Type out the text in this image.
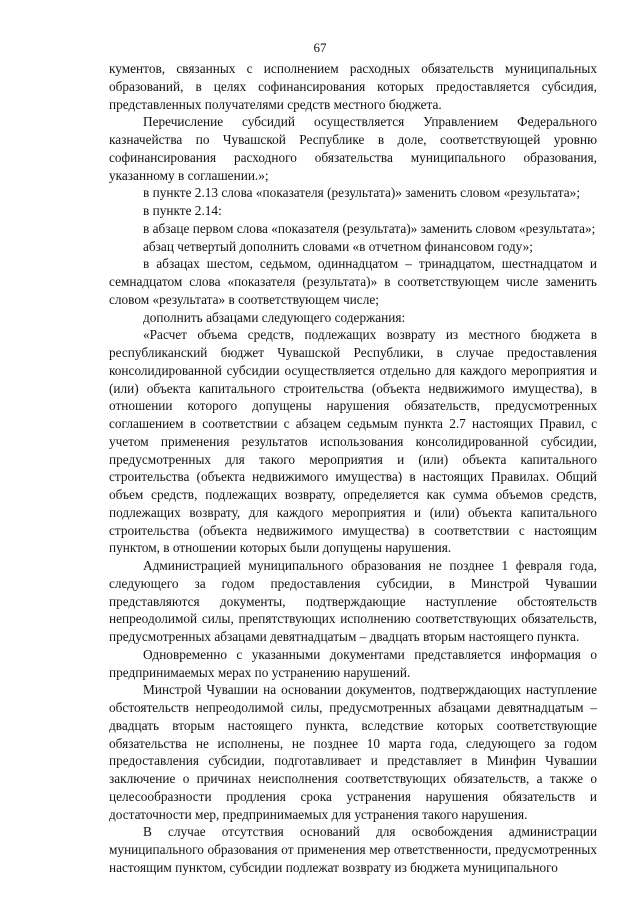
67

кументов, связанных с исполнением расходных обязательств муниципальных образований, в целях софинансирования которых предоставляется субсидия, представленных получателями средств местного бюджета.

Перечисление субсидий осуществляется Управлением Федерального казначейства по Чувашской Республике в доле, соответствующей уровню софинансирования расходного обязательства муниципального образования, указанному в соглашении.»;

в пункте 2.13 слова «показателя (результата)» заменить словом «результата»;

в пункте 2.14:

в абзаце первом слова «показателя (результата)» заменить словом «результата»;

абзац четвертый дополнить словами «в отчетном финансовом году»;

в абзацах шестом, седьмом, одиннадцатом – тринадцатом, шестнадцатом и семнадцатом слова «показателя (результата)» в соответствующем числе заменить словом «результата» в соответствующем числе;

дополнить абзацами следующего содержания:

«Расчет объема средств, подлежащих возврату из местного бюджета в республиканский бюджет Чувашской Республики, в случае предоставления консолидированной субсидии осуществляется отдельно для каждого мероприятия и (или) объекта капитального строительства (объекта недвижимого имущества), в отношении которого допущены нарушения обязательств, предусмотренных соглашением в соответствии с абзацем седьмым пункта 2.7 настоящих Правил, с учетом применения результатов использования консолидированной субсидии, предусмотренных для такого мероприятия и (или) объекта капитального строительства (объекта недвижимого имущества) в настоящих Правилах. Общий объем средств, подлежащих возврату, определяется как сумма объемов средств, подлежащих возврату, для каждого мероприятия и (или) объекта капитального строительства (объекта недвижимого имущества) в соответствии с настоящим пунктом, в отношении которых были допущены нарушения.

Администрацией муниципального образования не позднее 1 февраля года, следующего за годом предоставления субсидии, в Минстрой Чувашии представляются документы, подтверждающие наступление обстоятельств непреодолимой силы, препятствующих исполнению соответствующих обязательств, предусмотренных абзацами девятнадцатым – двадцать вторым настоящего пункта.

Одновременно с указанными документами представляется информация о предпринимаемых мерах по устранению нарушений.

Минстрой Чувашии на основании документов, подтверждающих наступление обстоятельств непреодолимой силы, предусмотренных абзацами девятнадцатым – двадцать вторым настоящего пункта, вследствие которых соответствующие обязательства не исполнены, не позднее 10 марта года, следующего за годом предоставления субсидии, подготавливает и представляет в Минфин Чувашии заключение о причинах неисполнения соответствующих обязательств, а также о целесообразности продления срока устранения нарушения обязательств и достаточности мер, предпринимаемых для устранения такого нарушения.

В случае отсутствия оснований для освобождения администрации муниципального образования от применения мер ответственности, предусмотренных настоящим пунктом, субсидии подлежат возврату из бюджета муниципального
